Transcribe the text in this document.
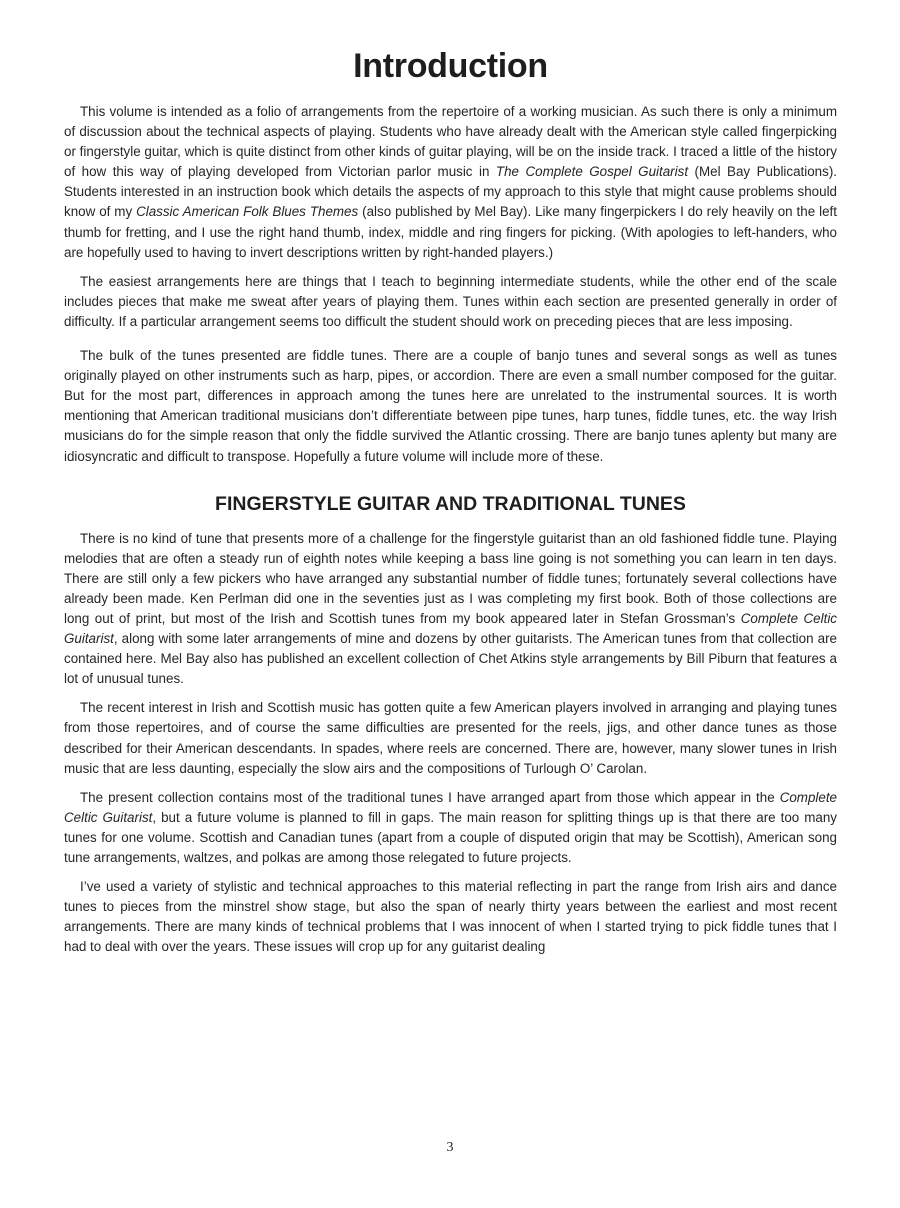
Introduction

This volume is intended as a folio of arrangements from the repertoire of a working musician. As such there is only a minimum of discussion about the technical aspects of playing. Students who have already dealt with the American style called fingerpicking or fingerstyle guitar, which is quite distinct from other kinds of guitar playing, will be on the inside track. I traced a little of the history of how this way of playing developed from Victorian parlor music in The Complete Gospel Guitarist (Mel Bay Publications). Students interested in an instruction book which details the aspects of my approach to this style that might cause problems should know of my Classic American Folk Blues Themes (also published by Mel Bay). Like many fingerpickers I do rely heavily on the left thumb for fretting, and I use the right hand thumb, index, middle and ring fingers for picking. (With apologies to left-handers, who are hopefully used to having to invert descriptions written by right-handed players.)

The easiest arrangements here are things that I teach to beginning intermediate students, while the other end of the scale includes pieces that make me sweat after years of playing them. Tunes within each section are presented generally in order of difficulty. If a particular arrangement seems too difficult the student should work on preceding pieces that are less imposing.

The bulk of the tunes presented are fiddle tunes. There are a couple of banjo tunes and several songs as well as tunes originally played on other instruments such as harp, pipes, or accordion. There are even a small number composed for the guitar. But for the most part, differences in approach among the tunes here are unrelated to the instrumental sources. It is worth mentioning that American traditional musicians don’t differentiate between pipe tunes, harp tunes, fiddle tunes, etc. the way Irish musicians do for the simple reason that only the fiddle survived the Atlantic crossing. There are banjo tunes aplenty but many are idiosyncratic and difficult to transpose. Hopefully a future volume will include more of these.

FINGERSTYLE GUITAR AND TRADITIONAL TUNES

There is no kind of tune that presents more of a challenge for the fingerstyle guitarist than an old fashioned fiddle tune. Playing melodies that are often a steady run of eighth notes while keeping a bass line going is not something you can learn in ten days. There are still only a few pickers who have arranged any substantial number of fiddle tunes; fortunately several collections have already been made. Ken Perlman did one in the seventies just as I was completing my first book. Both of those collections are long out of print, but most of the Irish and Scottish tunes from my book appeared later in Stefan Grossman’s Complete Celtic Guitarist, along with some later arrangements of mine and dozens by other guitarists. The American tunes from that collection are contained here. Mel Bay also has published an excellent collection of Chet Atkins style arrangements by Bill Piburn that features a lot of unusual tunes.

The recent interest in Irish and Scottish music has gotten quite a few American players involved in arranging and playing tunes from those repertoires, and of course the same difficulties are presented for the reels, jigs, and other dance tunes as those described for their American descendants. In spades, where reels are concerned. There are, however, many slower tunes in Irish music that are less daunting, especially the slow airs and the compositions of Turlough O’ Carolan.

The present collection contains most of the traditional tunes I have arranged apart from those which appear in the Complete Celtic Guitarist, but a future volume is planned to fill in gaps. The main reason for splitting things up is that there are too many tunes for one volume. Scottish and Canadian tunes (apart from a couple of disputed origin that may be Scottish), American song tune arrangements, waltzes, and polkas are among those relegated to future projects.

I’ve used a variety of stylistic and technical approaches to this material reflecting in part the range from Irish airs and dance tunes to pieces from the minstrel show stage, but also the span of nearly thirty years between the earliest and most recent arrangements. There are many kinds of technical problems that I was innocent of when I started trying to pick fiddle tunes that I had to deal with over the years. These issues will crop up for any guitarist dealing

3
